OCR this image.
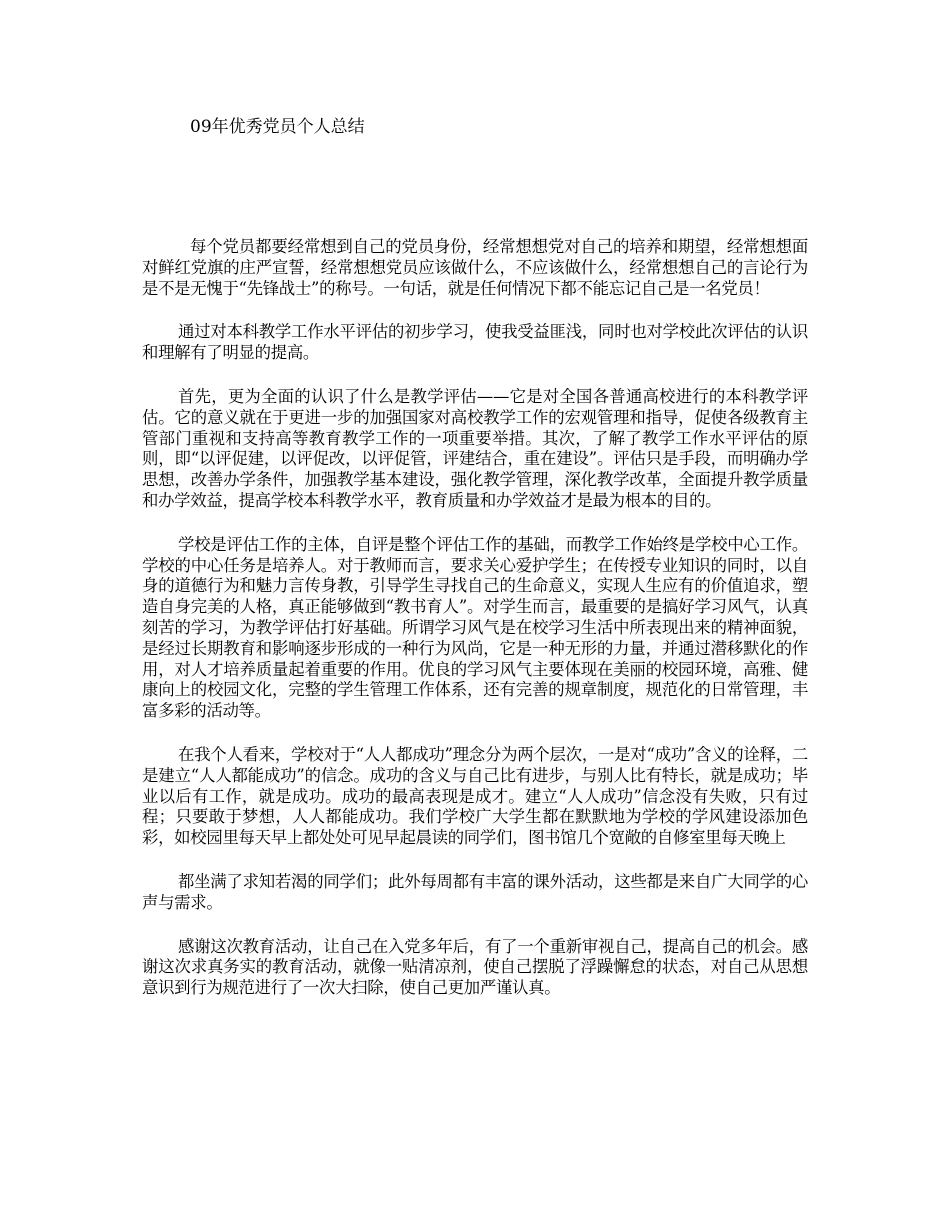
09年优秀党员个人总结

每个党员都要经常想到自己的党员身份，经常想想党对自己的培养和期望，经常想想面对鲜红党旗的庄严宣誓，经常想想党员应该做什么，不应该做什么，经常想想自己的言论行为是不是无愧于“先锋战士”的称号。一句话，就是任何情况下都不能忘记自己是一名党员！

通过对本科教学工作水平评估的初步学习，使我受益匪浅，同时也对学校此次评估的认识和理解有了明显的提高。

首先，更为全面的认识了什么是教学评估——它是对全国各普通高校进行的本科教学评估。它的意义就在于更进一步的加强国家对高校教学工作的宏观管理和指导，促使各级教育主管部门重视和支持高等教育教学工作的一项重要举措。其次，了解了教学工作水平评估的原则，即“以评促建，以评促改，以评促管，评建结合，重在建设”。评估只是手段，而明确办学思想，改善办学条件，加强教学基本建设，强化教学管理，深化教学改革，全面提升教学质量和办学效益，提高学校本科教学水平，教育质量和办学效益才是最为根本的目的。

学校是评估工作的主体，自评是整个评估工作的基础，而教学工作始终是学校中心工作。学校的中心任务是培养人。对于教师而言，要求关心爱护学生；在传授专业知识的同时，以自身的道德行为和魅力言传身教，引导学生寻找自己的生命意义，实现人生应有的价值追求，塑造自身完美的人格，真正能够做到“教书育人”。对学生而言，最重要的是搞好学习风气，认真刻苦的学习，为教学评估打好基础。所谓学习风气是在校学习生活中所表现出来的精神面貌，是经过长期教育和影响逐步形成的一种行为风尚，它是一种无形的力量，并通过潜移默化的作用，对人才培养质量起着重要的作用。优良的学习风气主要体现在美丽的校园环境，高雅、健康向上的校园文化，完整的学生管理工作体系，还有完善的规章制度，规范化的日常管理，丰富多彩的活动等。

在我个人看来，学校对于“人人都成功”理念分为两个层次，一是对“成功”含义的诠释，二是建立“人人都能成功”的信念。成功的含义与自己比有进步，与别人比有特长，就是成功；毕业以后有工作，就是成功。成功的最高表现是成才。建立“人人成功”信念没有失败，只有过程；只要敢于梦想，人人都能成功。我们学校广大学生都在默默地为学校的学风建设添加色彩，如校园里每天早上都处处可见早起晨读的同学们，图书馆几个宽敞的自修室里每天晚上

都坐满了求知若渴的同学们；此外每周都有丰富的课外活动，这些都是来自广大同学的心声与需求。

感谢这次教育活动，让自己在入党多年后，有了一个重新审视自己，提高自己的机会。感谢这次求真务实的教育活动，就像一贴清凉剂，使自己摆脱了浮躁懈怠的状态，对自己从思想意识到行为规范进行了一次大扫除，使自己更加严谨认真。
